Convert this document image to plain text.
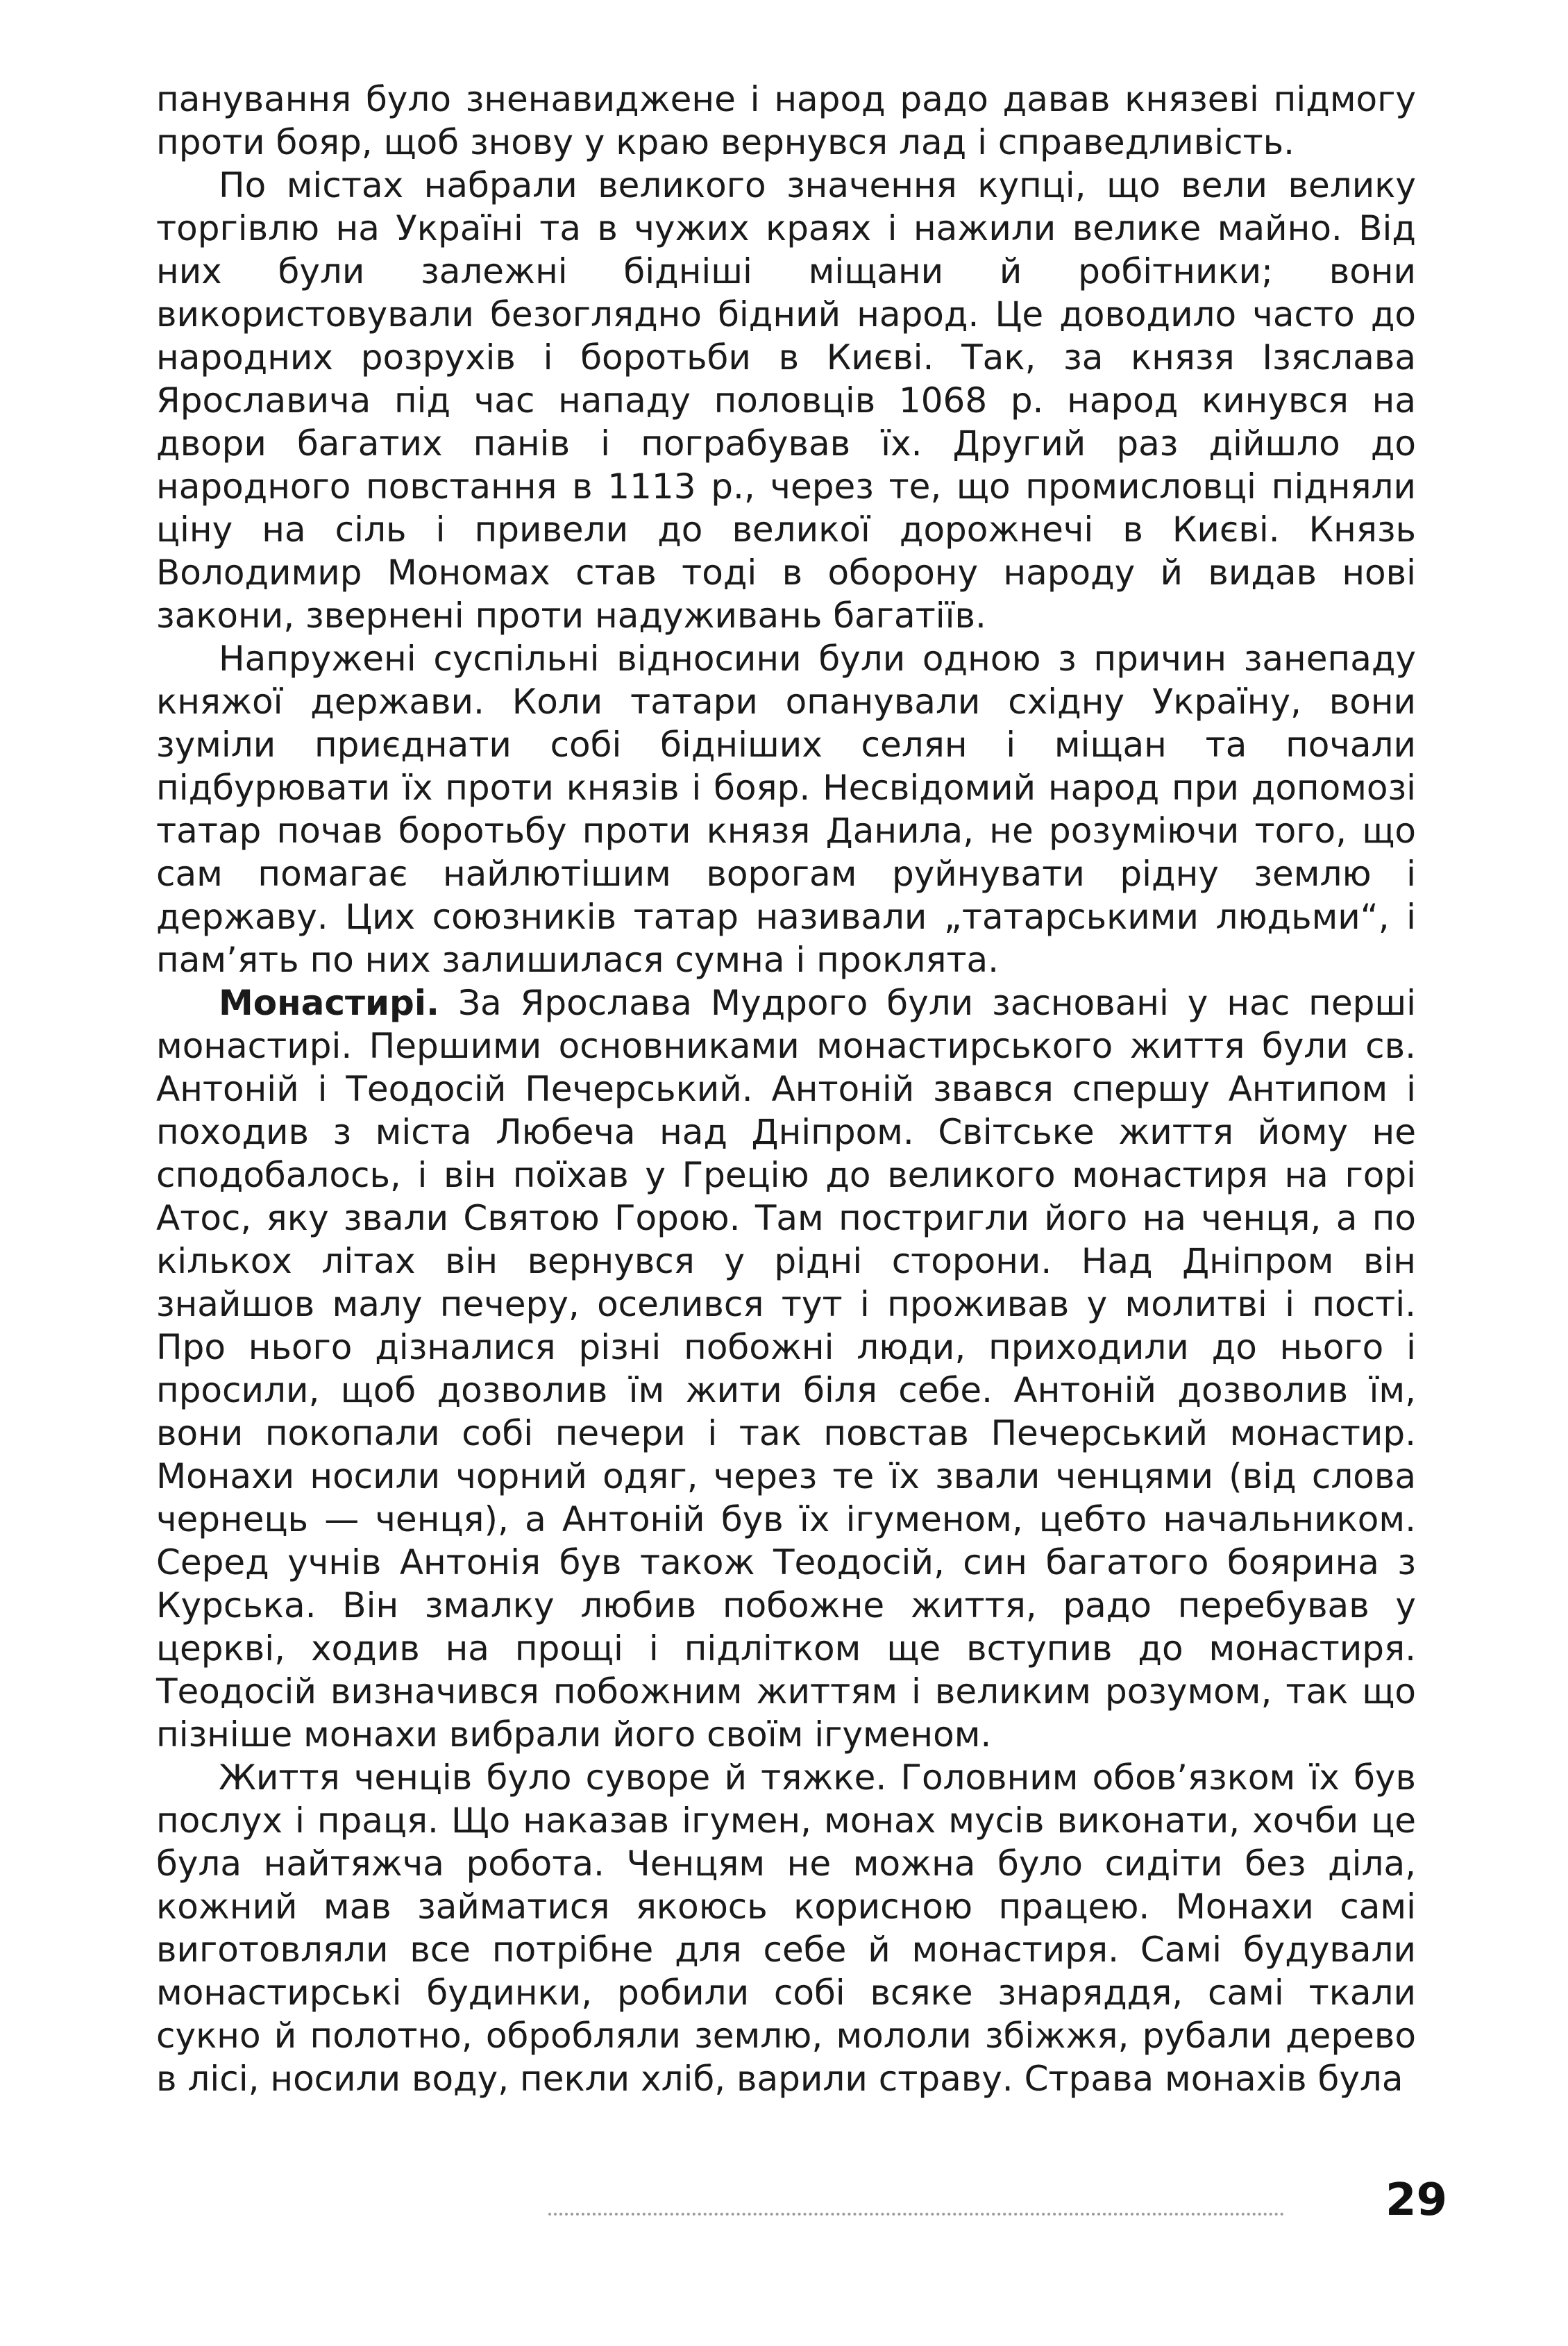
панування було зненавиджене і народ радо давав князеві підмогу проти бояр, щоб знову у краю вернувся лад і справедливість.

По містах набрали великого значення купці, що вели велику торгівлю на Україні та в чужих краях і нажили велике майно. Від них були залежні бідніші міщани й робітники; вони використовували безоглядно бідний народ. Це доводило часто до народних розрухів і боротьби в Києві. Так, за князя Ізяслава Ярославича під час нападу половців 1068 р. народ кинувся на двори багатих панів і пограбував їх. Другий раз дійшло до народного повстання в 1113 р., через те, що промисловці підняли ціну на сіль і привели до великої дорожнечі в Києві. Князь Володимир Мономах став тоді в оборону народу й видав нові закони, звернені проти надуживань багатіїв.

Напружені суспільні відносини були одною з причин занепаду княжої держави. Коли татари опанували східну Україну, вони зуміли приєднати собі бідніших селян і міщан та почали підбурювати їх проти князів і бояр. Несвідомий народ при допомозі татар почав боротьбу проти князя Данила, не розуміючи того, що сам помагає найлютішим ворогам руйнувати рідну землю і державу. Цих союзників татар називали „татарськими людьми“, і пам’ять по них залишилася сумна і проклята.

Монастирі. За Ярослава Мудрого були засновані у нас перші монастирі. Першими основниками монастирського життя були св. Антоній і Теодосій Печерський. Антоній звався спершу Антипом і походив з міста Любеча над Дніпром. Світське життя йому не сподобалось, і він поїхав у Грецію до великого монастиря на горі Атос, яку звали Святою Горою. Там постригли його на ченця, а по кількох літах він вернувся у рідні сторони. Над Дніпром він знайшов малу печеру, оселився тут і проживав у молитві і пості. Про нього дізналися різні побожні люди, приходили до нього і просили, щоб дозволив їм жити біля себе. Антоній дозволив їм, вони покопали собі печери і так повстав Печерський монастир. Монахи носили чорний одяг, через те їх звали ченцями (від слова чернець — ченця), а Антоній був їх ігуменом, цебто начальником. Серед учнів Антонія був також Теодосій, син багатого боярина з Курська. Він змалку любив побожне життя, радо перебував у церкві, ходив на прощі і підлітком ще вступив до монастиря. Теодосій визначився побожним життям і великим розумом, так що пізніше монахи вибрали його своїм ігуменом.

Життя ченців було суворе й тяжке. Головним обов’язком їх був послух і праця. Що наказав ігумен, монах мусів виконати, хочби це була найтяжча робота. Ченцям не можна було сидіти без діла, кожний мав займатися якоюсь корисною працею. Монахи самі виготовляли все потрібне для себе й монастиря. Самі будували монастирські будинки, робили собі всяке знаряддя, самі ткали сукно й полотно, обробляли землю, мололи збіжжя, рубали дерево в лісі, носили воду, пекли хліб, варили страву. Страва монахів була

29
